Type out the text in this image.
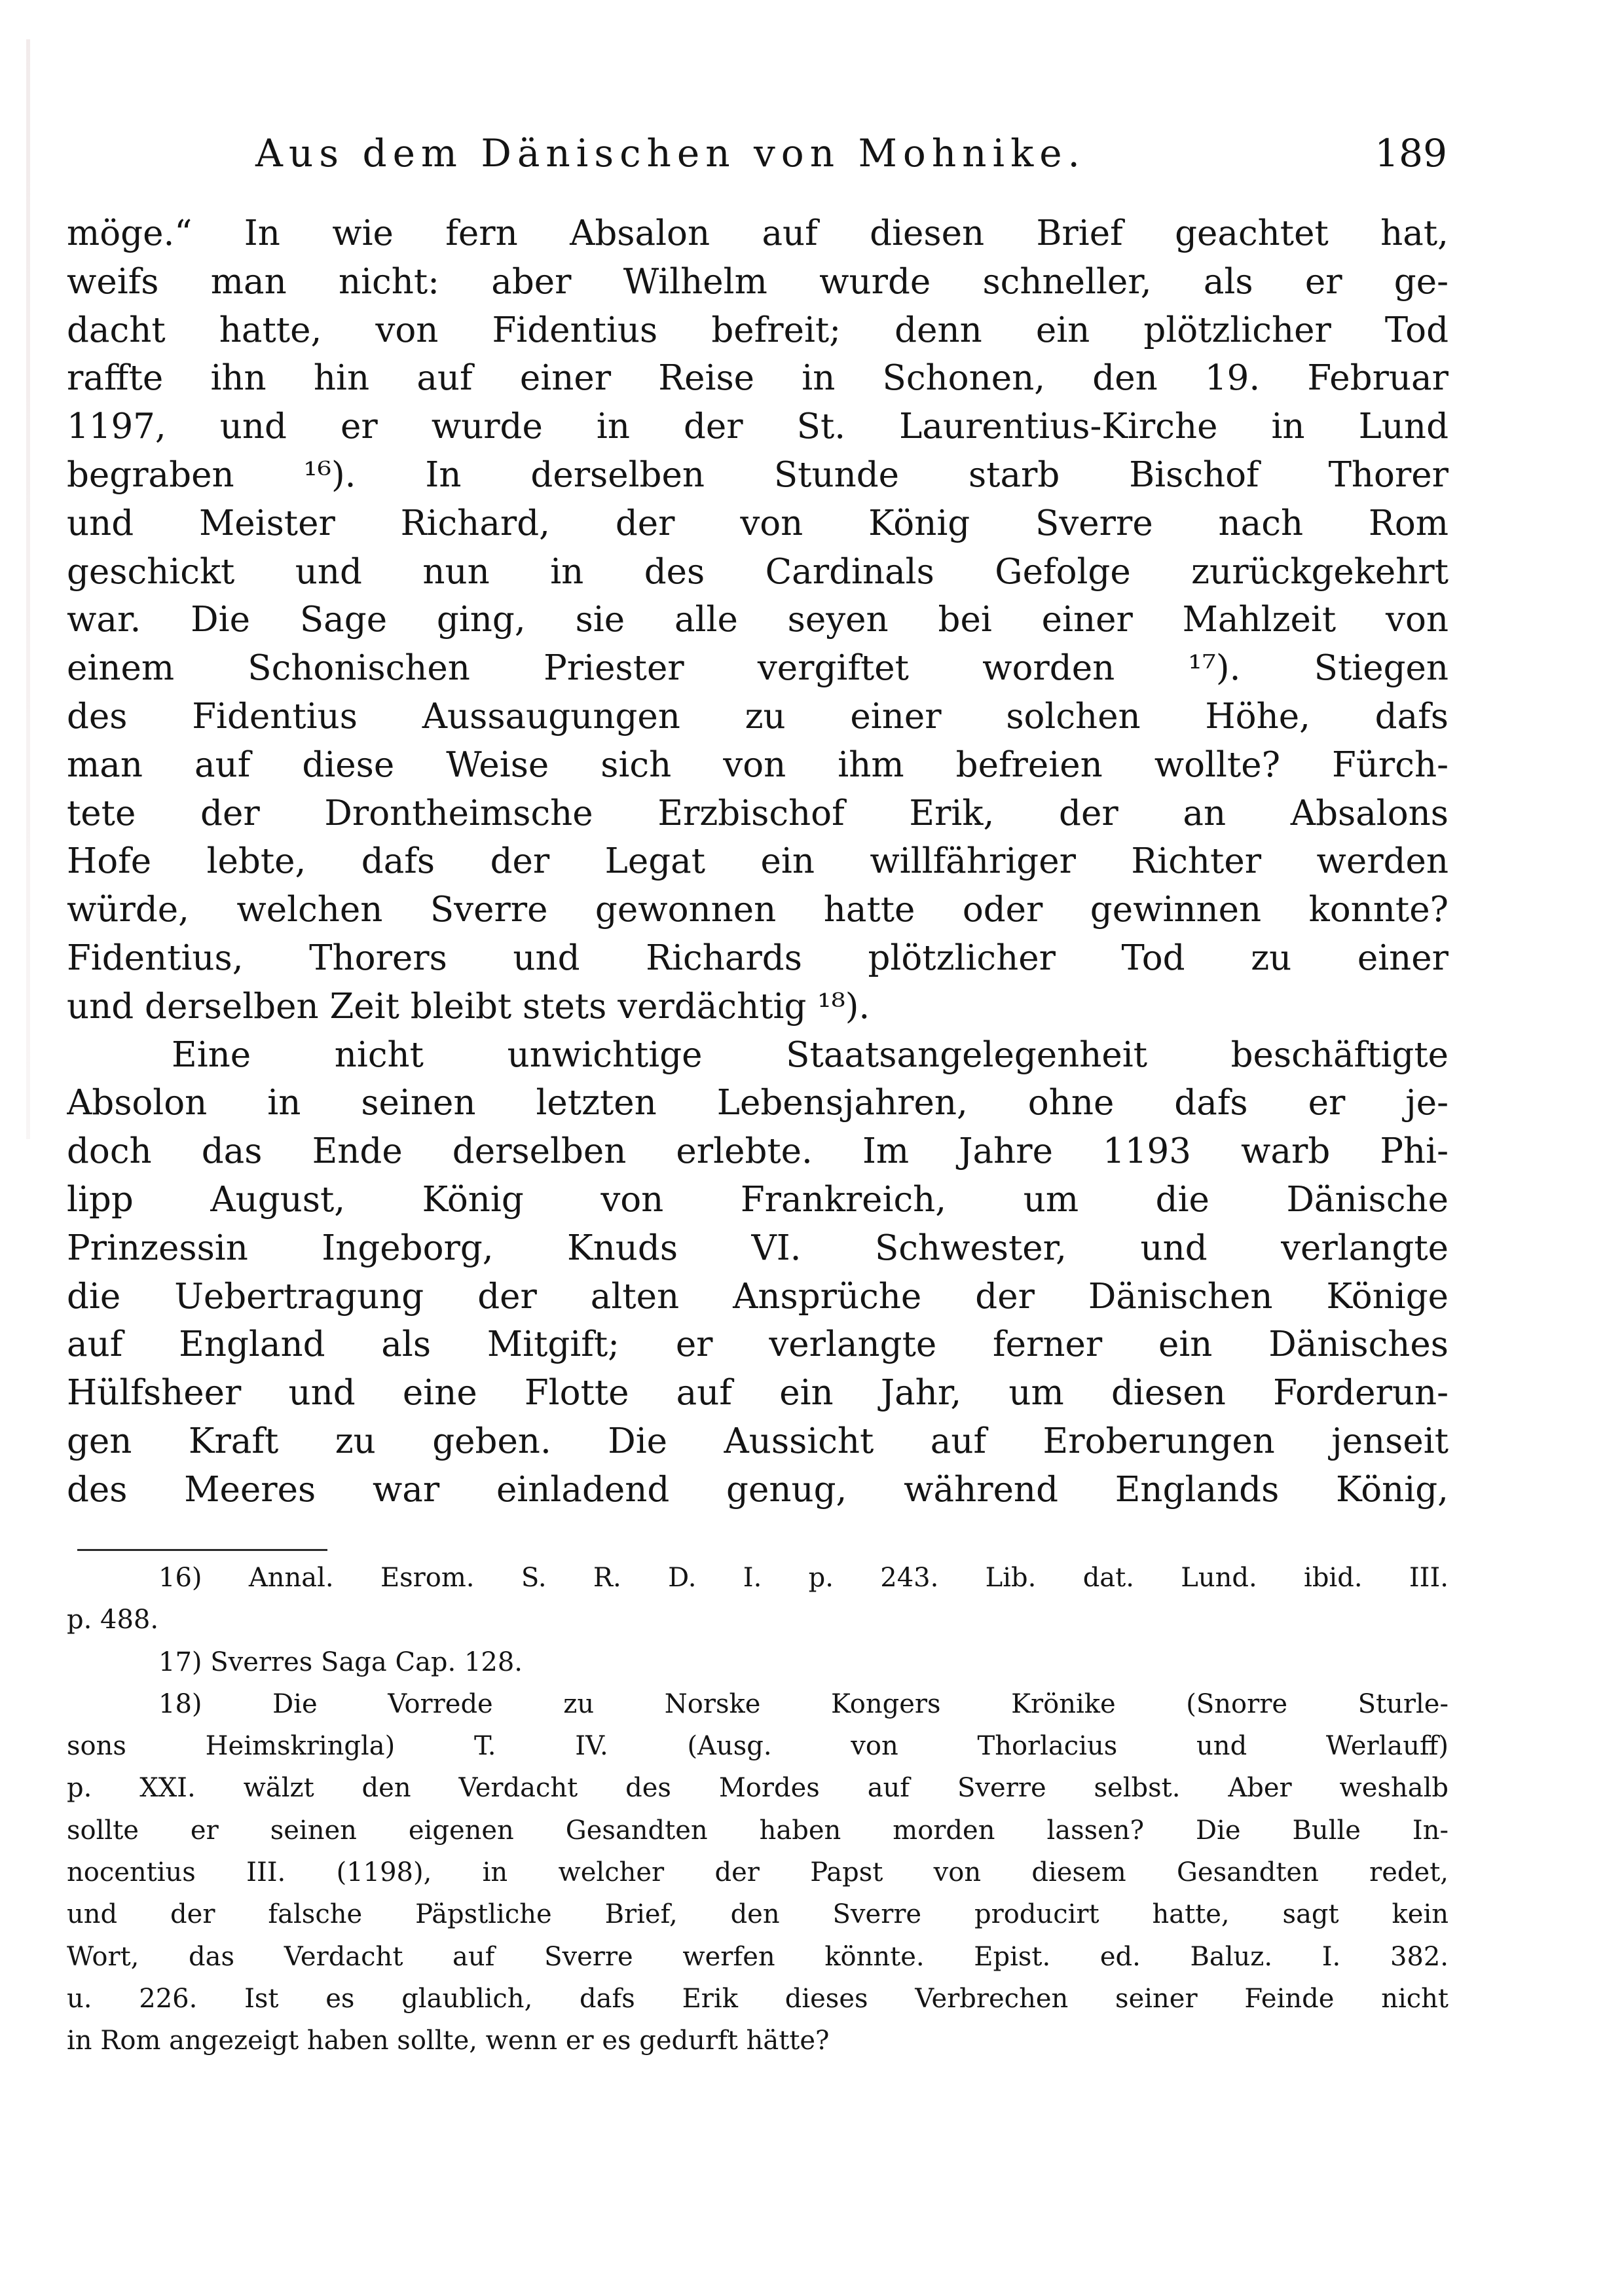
Aus dem Dänischen von Mohnike.	189
möge.“ In wie fern Absalon auf diesen Brief geachtet hat,
weifs man nicht: aber Wilhelm wurde schneller, als er ge-
dacht hatte, von Fidentius befreit; denn ein plötzlicher Tod
raffte ihn hin auf einer Reise in Schonen, den 19. Februar
1197, und er wurde in der St. Laurentius-Kirche in Lund
begraben ¹⁶). In derselben Stunde starb Bischof Thorer
und Meister Richard, der von König Sverre nach Rom
geschickt und nun in des Cardinals Gefolge zurückgekehrt
war. Die Sage ging, sie alle seyen bei einer Mahlzeit von
einem Schonischen Priester vergiftet worden ¹⁷). Stiegen
des Fidentius Aussaugungen zu einer solchen Höhe, dafs
man auf diese Weise sich von ihm befreien wollte? Fürch-
tete der Drontheimsche Erzbischof Erik, der an Absalons
Hofe lebte, dafs der Legat ein willfähriger Richter werden
würde, welchen Sverre gewonnen hatte oder gewinnen konnte?
Fidentius, Thorers und Richards plötzlicher Tod zu einer
und derselben Zeit bleibt stets verdächtig ¹⁸).
Eine nicht unwichtige Staatsangelegenheit beschäftigte
Absolon in seinen letzten Lebensjahren, ohne dafs er je-
doch das Ende derselben erlebte. Im Jahre 1193 warb Phi-
lipp August, König von Frankreich, um die Dänische
Prinzessin Ingeborg, Knuds VI. Schwester, und verlangte
die Uebertragung der alten Ansprüche der Dänischen Könige
auf England als Mitgift; er verlangte ferner ein Dänisches
Hülfsheer und eine Flotte auf ein Jahr, um diesen Forderun-
gen Kraft zu geben. Die Aussicht auf Eroberungen jenseit
des Meeres war einladend genug, während Englands König,
16) Annal. Esrom. S. R. D. I. p. 243. Lib. dat. Lund. ibid. III.
p. 488.
17) Sverres Saga Cap. 128.
18) Die Vorrede zu Norske Kongers Krönike (Snorre Sturle-
sons Heimskringla) T. IV. (Ausg. von Thorlacius und Werlauff)
p. XXI. wälzt den Verdacht des Mordes auf Sverre selbst. Aber weshalb
sollte er seinen eigenen Gesandten haben morden lassen? Die Bulle In-
nocentius III. (1198), in welcher der Papst von diesem Gesandten redet,
und der falsche Päpstliche Brief, den Sverre producirt hatte, sagt kein
Wort, das Verdacht auf Sverre werfen könnte. Epist. ed. Baluz. I. 382.
u. 226. Ist es glaublich, dafs Erik dieses Verbrechen seiner Feinde nicht
in Rom angezeigt haben sollte, wenn er es gedurft hätte?
